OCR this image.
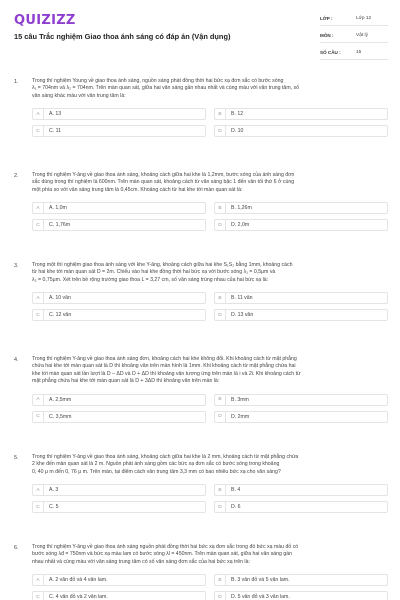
QUIZIZZ
15 câu Trắc nghiệm Giao thoa ánh sáng có đáp án (Vận dụng)
LỚP :	Lớp 12
MÔN :	Vật lý
SỐ CÂU :	15
1.	Trong thí nghiệm Young về giao thoa ánh sáng, nguồn sáng phát đồng thời hai bức xạ đơn sắc có bước sóng
λ₁ = 704nm và λ₂ = 704nm. Trên màn quan sát, giữa hai vân sáng gần nhau nhất và cùng màu với vân trung tâm, số
vân sáng khác màu với vân trung tâm là:
A	A. 13	B	B. 12
C	C. 11	D	D. 10
2.	Trong thí nghiệm Y-âng về giao thoa ánh sáng, khoảng cách giữa hai khe là 1,2mm, bước sóng của ánh sáng đơn
sắc dùng trong thí nghiệm là 600nm. Trên màn quan sát, khoảng cách từ vân sáng bậc 1 đến vân tối thứ 6 ở cùng
một phía so với vân sáng trung tâm là 0,45cm. Khoảng cách từ hai khe tới màn quan sát là:
A	A. 1,0m	B	B. 1,26m
C	C. 1,76m	D	D. 2,0m
3.	Trong một thí nghiệm giao thoa ánh sáng với khe Y-âng, khoảng cách giữa hai khe S₁S₂ bằng 1mm, khoảng cách
từ hai khe tới màn quan sát D = 2m. Chiếu vào hai khe đồng thời hai bức xạ với bước sóng λ₁ = 0,5μm và
λ₂ = 0,75μm. Xét trên bề rộng trường giao thoa L = 3,27 cm, số vân sáng trùng nhau của hai bức xạ là:
A	A. 10 vân	B	B. 11 vân
C	C. 12 vân	D	D. 13 vân
4.	Trong thí nghiệm Y-âng về giao thoa ánh sáng đơn, khoảng cách hai khe không đổi. Khi khoảng cách từ mặt phẳng
chứa hai khe tới màn quan sát là D thì khoảng vân trên màn hình là 1mm. Khi khoảng cách từ mặt phẳng chứa hai
khe tới màn quan sát lần lượt là D – ΔD và D + ΔD thì khoảng vân tương ứng trên màn là i và 2i. Khi khoảng cách từ
mặt phẳng chứa hai khe tới màn quan sát là D + 3ΔD thì khoảng vân trên màn là:
A	A. 2,5mm	B	B. 3mm
C	C. 3,5mm	D	D. 2mm
5.	Trong thí nghiệm Y-âng về giao thoa ánh sáng, khoảng cách giữa hai khe là 2 mm, khoảng cách từ mặt phẳng chứa
2 khe đến màn quan sát là 2 m. Nguồn phát ánh sáng gồm các bức xạ đơn sắc có bước sóng trong khoảng
0, 40 μ m đến 0, 76 μ m. Trên màn, tại điểm cách vân trung tâm 3,3 mm có bao nhiêu bức xạ cho vân sáng?
A	A. 3	B	B. 4
C	C. 5	D	D. 6
6.	Trong thí nghiệm Y-âng về giao thoa ánh sáng nguồn phát đồng thời hai bức xạ đơn sắc trong đó bức xạ màu đỏ có
bước sóng λđ = 750nm và bức xạ màu lam có bước sóng λl = 450nm. Trên màn quan sát, giữa hai vân sáng gần
nhau nhất và cùng màu với vân sáng trung tâm có số vân sáng đơn sắc của hai bức xạ trên là:
A	A. 2 vân đỏ và 4 vân lam.	B	B. 3 vân đỏ và 5 vân lam.
C	C. 4 vân đỏ và 2 vân lam.	D	D. 5 vân đỏ và 3 vân lam.
